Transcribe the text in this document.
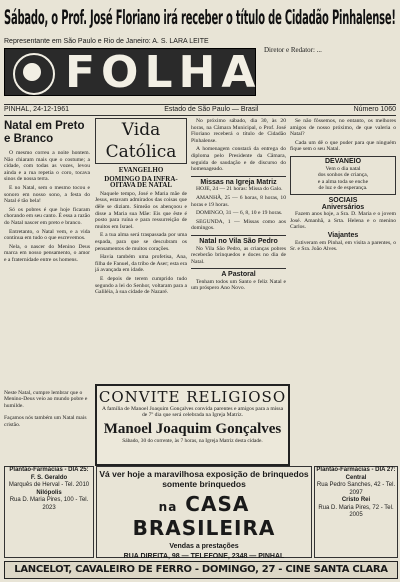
Sábado, o Prof. José Floriano irá receber o título de Cidadão Pinhalense!
Representante em São Paulo e Rio de Janeiro: A. S. LARA LEITE
FOLHA Diretor e Redator: ...
PINHAL, 24-12-1961	Estado de São Paulo — Brasil	Número 1060
Natal em Preto e Branco

O mesmo correu a noite hontem. Não chiaram mais que o costume; a cidade, com todas as vozes, levou ainda e a rua repetia o coro, tocava sinos de nossa terra.

E no Natal, sem o mesmo tocou e sonoro em nosso sono, a festa do Natal é tão bela!

Só os pobres é que hoje ficaram chorando em seu canto. É essa a razão do Natal nascer em preto e branco.

Entretanto, o Natal vem, e a vida continua em tudo o que escrevemos.

Nela, o nascer do Menino Deus marca em nosso pensamento, o amor e a fraternidade entre os homens.

Vida Católica
EVANGELHO
DOMINGO DA INFRA-OITAVA DE NATAL

Naquele tempo, José e Maria mãe de Jesus, estavam admirados das coisas que dêle se diziam. Simeão os abençoou e disse a Maria sua Mãe: Eis que êste é posto para ruína e para ressurreição de muitos em Israel.

E a tua alma será traspassada por uma espada, para que se descubram os pensamentos de muitos corações.

Havia também uma profetisa, Ana, filha de Fanuel, da tribo de Aser; esta era já avançada em idade.

E depois de terem cumprido tudo segundo a lei do Senhor, voltaram para a Galiléia, à sua cidade de Nazaré.

No próximo sábado, dia 30, às 20 horas, na Câmara Municipal, o Prof. José Floriano receberá o título de Cidadão Pinhalense.

A homenagem constará da entrega do diploma pelo Presidente da Câmara, seguida de saudação e de discurso do homenageado.

Missas na Igreja Matriz

HOJE, 24 — 21 horas: Missa do Galo.

AMANHÃ, 25 — 6 horas, 8 horas, 10 horas e 19 horas.

DOMINGO, 31 — 6, 8, 10 e 19 horas.

SEGUNDA, 1 — Missas como aos domingos.

Natal no Vila São Pedro

No Vila São Pedro, as crianças pobres receberão brinquedos e doces no dia de Natal.

A Pastoral

Tenham todos um Santo e feliz Natal e um próspero Ano Novo.

Se não fôssemos, no entanto, os melhores amigos de nosso próximo, de que valeria o Natal?

Cada um dê o que puder para que ninguém fique sem o seu Natal.

DEVANEIO
Vem o dia natal
dos sonhos de criança,
e a alma toda se enche
de luz e de esperança.
SOCIAIS
Aniversários

Fazem anos hoje, a Sra. D. Maria e o jovem José. Amanhã, a Srta. Helena e o menino Carlos.

Viajantes

Estiveram em Pinhal, em visita a parentes, o Sr. e Sra. João Alves.

Neste Natal, cumpre lembrar que o Menino-Deus veio ao mundo pobre e humilde.

Façamos nós também um Natal mais cristão.

CONVITE RELIGIOSO
A família de Manoel Joaquim Gonçalves convida parentes e amigos para a missa de 7º dia que será celebrada na Igreja Matriz.
Manoel Joaquim Gonçalves
Sábado, 30 do corrente, às 7 horas, na Igreja Matriz desta cidade.
Plantão-Farmácias - DIA 25:
F. S. Geraldo
Marquês de Herval - Tel. 2010
Nilópolis
Rua D. Maria Pires, 100 - Tel. 2023
Vá ver hoje a maravilhosa exposição de brinquedos somente brinquedos
na CASA BRASILEIRA
Vendas a prestações
RUA DIREITA, 98 — TELEFONE, 2348 — PINHAL
Plantão-Farmácias - DIA 27:
Central
Rua Pedro Sanches, 42 - Tel. 2097
Cristo Rei
Rua D. Maria Pires, 72 - Tel. 2005
LANCELOT, CAVALEIRO DE FERRO - DOMINGO, 27 - CINE SANTA CLARA
